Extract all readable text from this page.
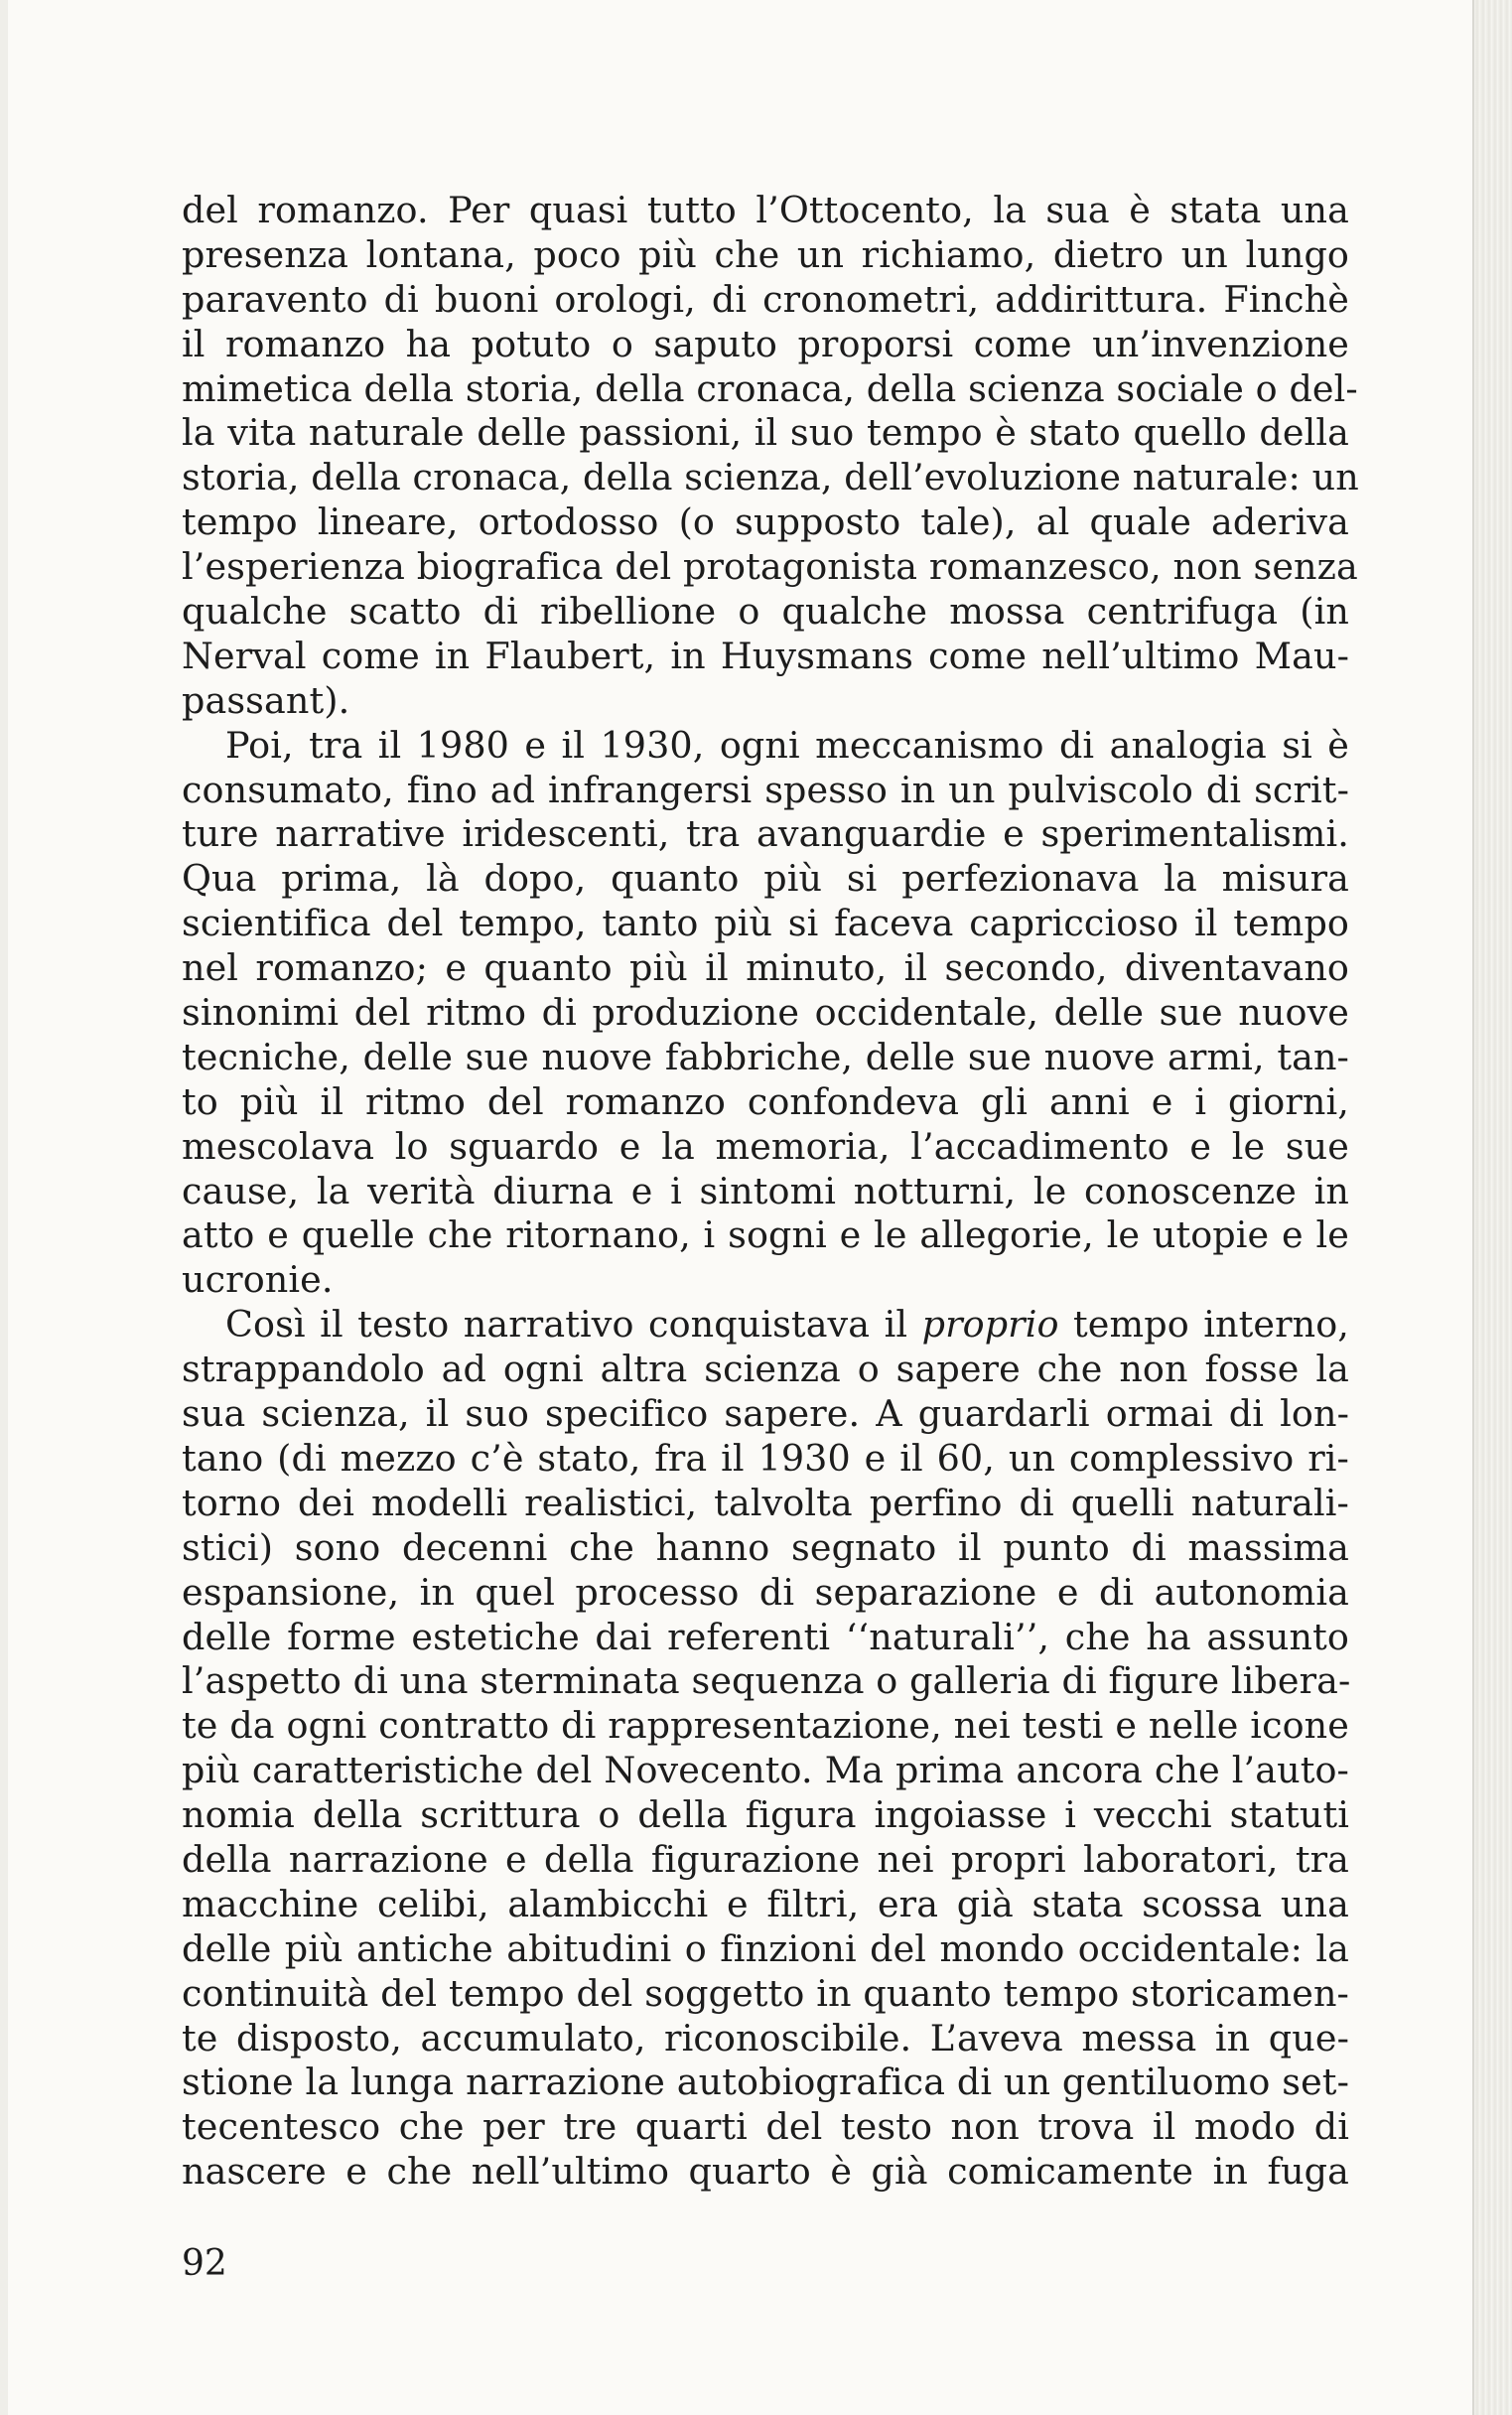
del romanzo. Per quasi tutto l’Ottocento, la sua è stata una
presenza lontana, poco più che un richiamo, dietro un lungo
paravento di buoni orologi, di cronometri, addirittura. Finchè
il romanzo ha potuto o saputo proporsi come un’invenzione
mimetica della storia, della cronaca, della scienza sociale o del-
la vita naturale delle passioni, il suo tempo è stato quello della
storia, della cronaca, della scienza, dell’evoluzione naturale: un
tempo lineare, ortodosso (o supposto tale), al quale aderiva
l’esperienza biografica del protagonista romanzesco, non senza
qualche scatto di ribellione o qualche mossa centrifuga (in
Nerval come in Flaubert, in Huysmans come nell’ultimo Mau-
passant).
Poi, tra il 1980 e il 1930, ogni meccanismo di analogia si è
consumato, fino ad infrangersi spesso in un pulviscolo di scrit-
ture narrative iridescenti, tra avanguardie e sperimentalismi.
Qua prima, là dopo, quanto più si perfezionava la misura
scientifica del tempo, tanto più si faceva capriccioso il tempo
nel romanzo; e quanto più il minuto, il secondo, diventavano
sinonimi del ritmo di produzione occidentale, delle sue nuove
tecniche, delle sue nuove fabbriche, delle sue nuove armi, tan-
to più il ritmo del romanzo confondeva gli anni e i giorni,
mescolava lo sguardo e la memoria, l’accadimento e le sue
cause, la verità diurna e i sintomi notturni, le conoscenze in
atto e quelle che ritornano, i sogni e le allegorie, le utopie e le
ucronie.
Così il testo narrativo conquistava il proprio tempo interno,
strappandolo ad ogni altra scienza o sapere che non fosse la
sua scienza, il suo specifico sapere. A guardarli ormai di lon-
tano (di mezzo c’è stato, fra il 1930 e il 60, un complessivo ri-
torno dei modelli realistici, talvolta perfino di quelli naturali-
stici) sono decenni che hanno segnato il punto di massima
espansione, in quel processo di separazione e di autonomia
delle forme estetiche dai referenti ‘‘naturali’’, che ha assunto
l’aspetto di una sterminata sequenza o galleria di figure libera-
te da ogni contratto di rappresentazione, nei testi e nelle icone
più caratteristiche del Novecento. Ma prima ancora che l’auto-
nomia della scrittura o della figura ingoiasse i vecchi statuti
della narrazione e della figurazione nei propri laboratori, tra
macchine celibi, alambicchi e filtri, era già stata scossa una
delle più antiche abitudini o finzioni del mondo occidentale: la
continuità del tempo del soggetto in quanto tempo storicamen-
te disposto, accumulato, riconoscibile. L’aveva messa in que-
stione la lunga narrazione autobiografica di un gentiluomo set-
tecentesco che per tre quarti del testo non trova il modo di
nascere e che nell’ultimo quarto è già comicamente in fuga
92
